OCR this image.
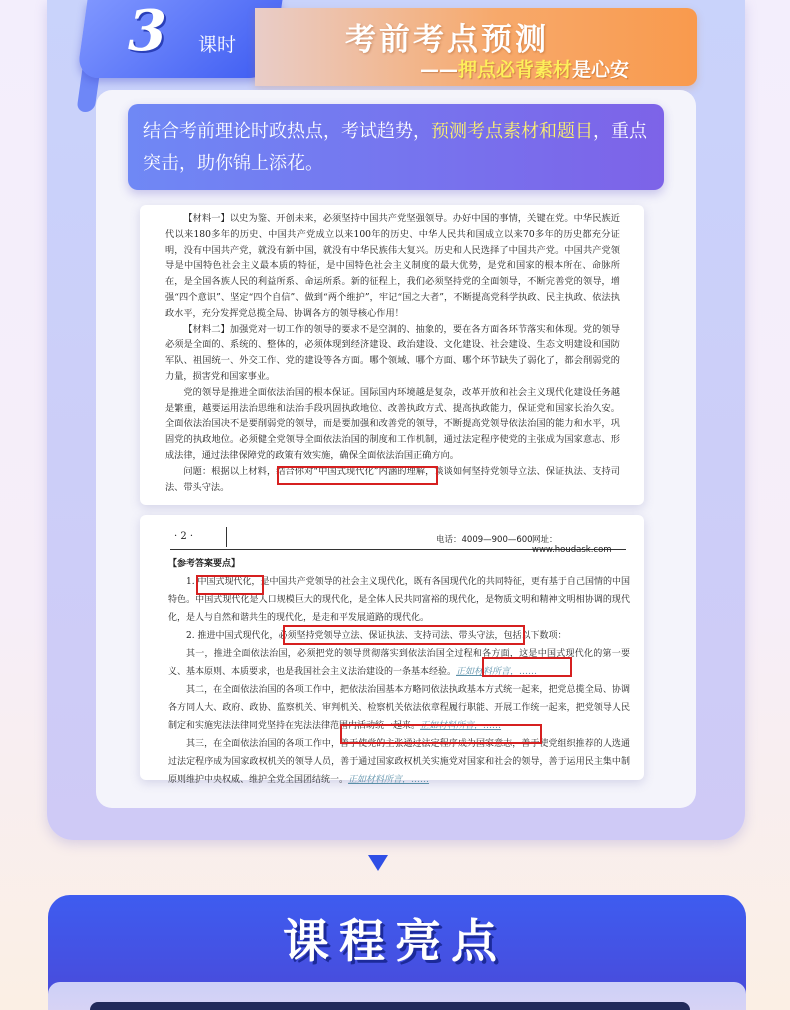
3	课时	考前考点预测
——押点必背素材是心安

结合考前理论时政热点，考试趋势，预测考点素材和题目，重点突击，助你锦上添花。

【材料一】以史为鉴、开创未来，必须坚持中国共产党坚强领导。办好中国的事情，关键在党。中华民族近代以来180多年的历史、中国共产党成立以来100年的历史、中华人民共和国成立以来70多年的历史都充分证明，没有中国共产党，就没有新中国，就没有中华民族伟大复兴。历史和人民选择了中国共产党。中国共产党领导是中国特色社会主义最本质的特征，是中国特色社会主义制度的最大优势，是党和国家的根本所在、命脉所在，是全国各族人民的利益所系、命运所系。新的征程上，我们必须坚持党的全面领导，不断完善党的领导，增强“四个意识”、坚定“四个自信”、做到“两个维护”，牢记“国之大者”，不断提高党科学执政、民主执政、依法执政水平，充分发挥党总揽全局、协调各方的领导核心作用！

【材料二】加强党对一切工作的领导的要求不是空洞的、抽象的，要在各方面各环节落实和体现。党的领导必须是全面的、系统的、整体的，必须体现到经济建设、政治建设、文化建设、社会建设、生态文明建设和国防军队、祖国统一、外交工作、党的建设等各方面。哪个领域、哪个方面、哪个环节缺失了弱化了，都会削弱党的力量，损害党和国家事业。

党的领导是推进全面依法治国的根本保证。国际国内环境越是复杂，改革开放和社会主义现代化建设任务越是繁重，越要运用法治思维和法治手段巩固执政地位、改善执政方式、提高执政能力，保证党和国家长治久安。全面依法治国决不是要削弱党的领导，而是要加强和改善党的领导，不断提高党领导依法治国的能力和水平，巩固党的执政地位。必须健全党领导全面依法治国的制度和工作机制，通过法定程序使党的主张成为国家意志、形成法律，通过法律保障党的政策有效实施，确保全面依法治国正确方向。

问题：根据以上材料，结合你对“中国式现代化”内涵的理解，谈谈如何坚持党领导立法、保证执法、支持司法、带头守法。

· 2 ·	电话：4009—900—600 网址：www.houdask.com

【参考答案要点】

1. 中国式现代化，是中国共产党领导的社会主义现代化，既有各国现代化的共同特征，更有基于自己国情的中国特色。中国式现代化是人口规模巨大的现代化，是全体人民共同富裕的现代化，是物质文明和精神文明相协调的现代化，是人与自然和谐共生的现代化，是走和平发展道路的现代化。

2. 推进中国式现代化，必须坚持党领导立法、保证执法、支持司法、带头守法，包括以下数项：

其一，推进全面依法治国，必须把党的领导贯彻落实到依法治国全过程和各方面，这是中国式现代化的第一要义、基本原则、本质要求，也是我国社会主义法治建设的一条基本经验。正如材料所言，……

其二，在全面依法治国的各项工作中，把依法治国基本方略同依法执政基本方式统一起来，把党总揽全局、协调各方同人大、政府、政协、监察机关、审判机关、检察机关依法依章程履行职能、开展工作统一起来，把党领导人民制定和实施宪法法律同党坚持在宪法法律范围内活动统一起来。正如材料所言，……

其三，在全面依法治国的各项工作中，善于使党的主张通过法定程序成为国家意志，善于使党组织推荐的人选通过法定程序成为国家政权机关的领导人员，善于通过国家政权机关实施党对国家和社会的领导，善于运用民主集中制原则维护中央权威、维护全党全国团结统一。正如材料所言，……

课程亮点
